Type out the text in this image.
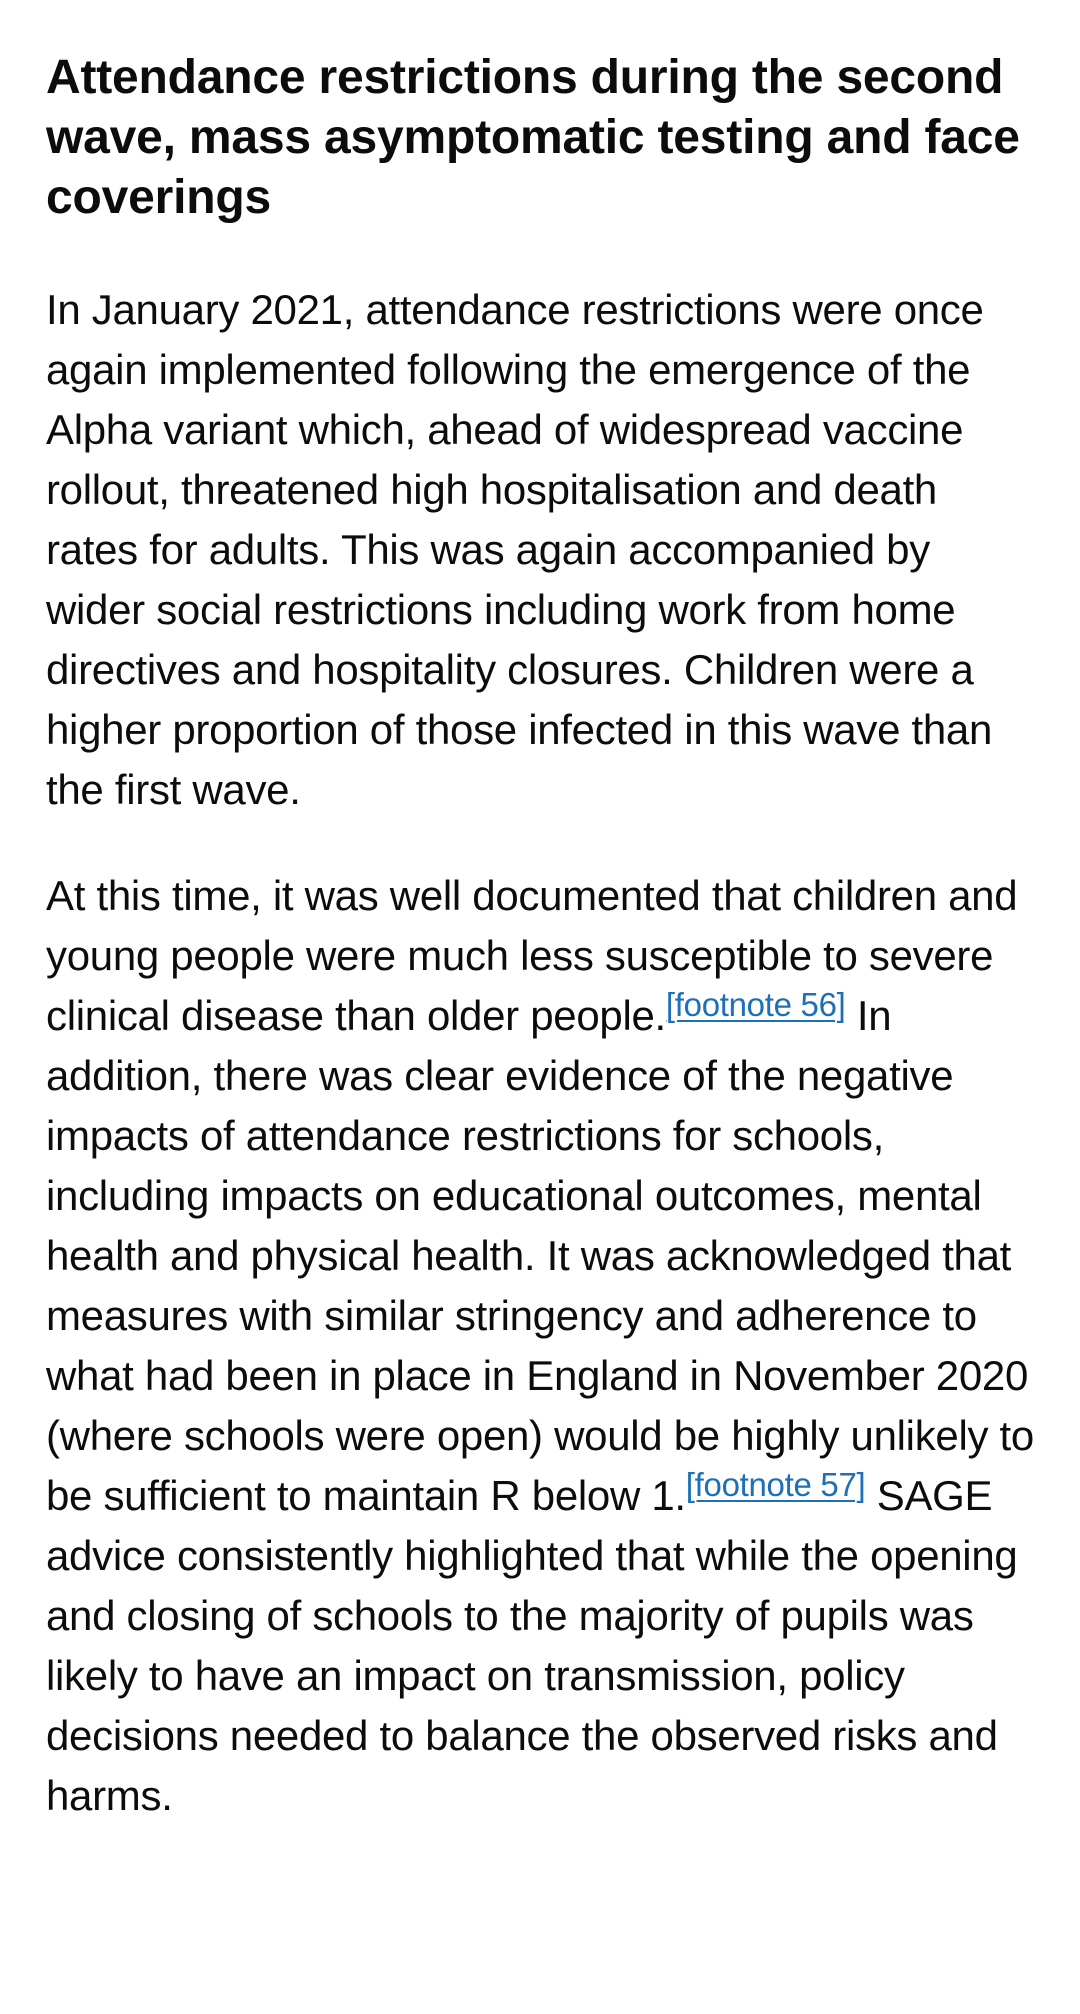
Attendance restrictions during the second wave, mass asymptomatic testing and face coverings

In January 2021, attendance restrictions were once again implemented following the emergence of the Alpha variant which, ahead of widespread vaccine rollout, threatened high hospitalisation and death rates for adults. This was again accompanied by wider social restrictions including work from home directives and hospitality closures. Children were a higher proportion of those infected in this wave than the first wave.

At this time, it was well documented that children and young people were much less susceptible to severe clinical disease than older people.[footnote 56] In addition, there was clear evidence of the negative impacts of attendance restrictions for schools, including impacts on educational outcomes, mental health and physical health. It was acknowledged that measures with similar stringency and adherence to what had been in place in England in November 2020 (where schools were open) would be highly unlikely to be sufficient to maintain R below 1.[footnote 57] SAGE advice consistently highlighted that while the opening and closing of schools to the majority of pupils was likely to have an impact on transmission, policy decisions needed to balance the observed risks and harms.
